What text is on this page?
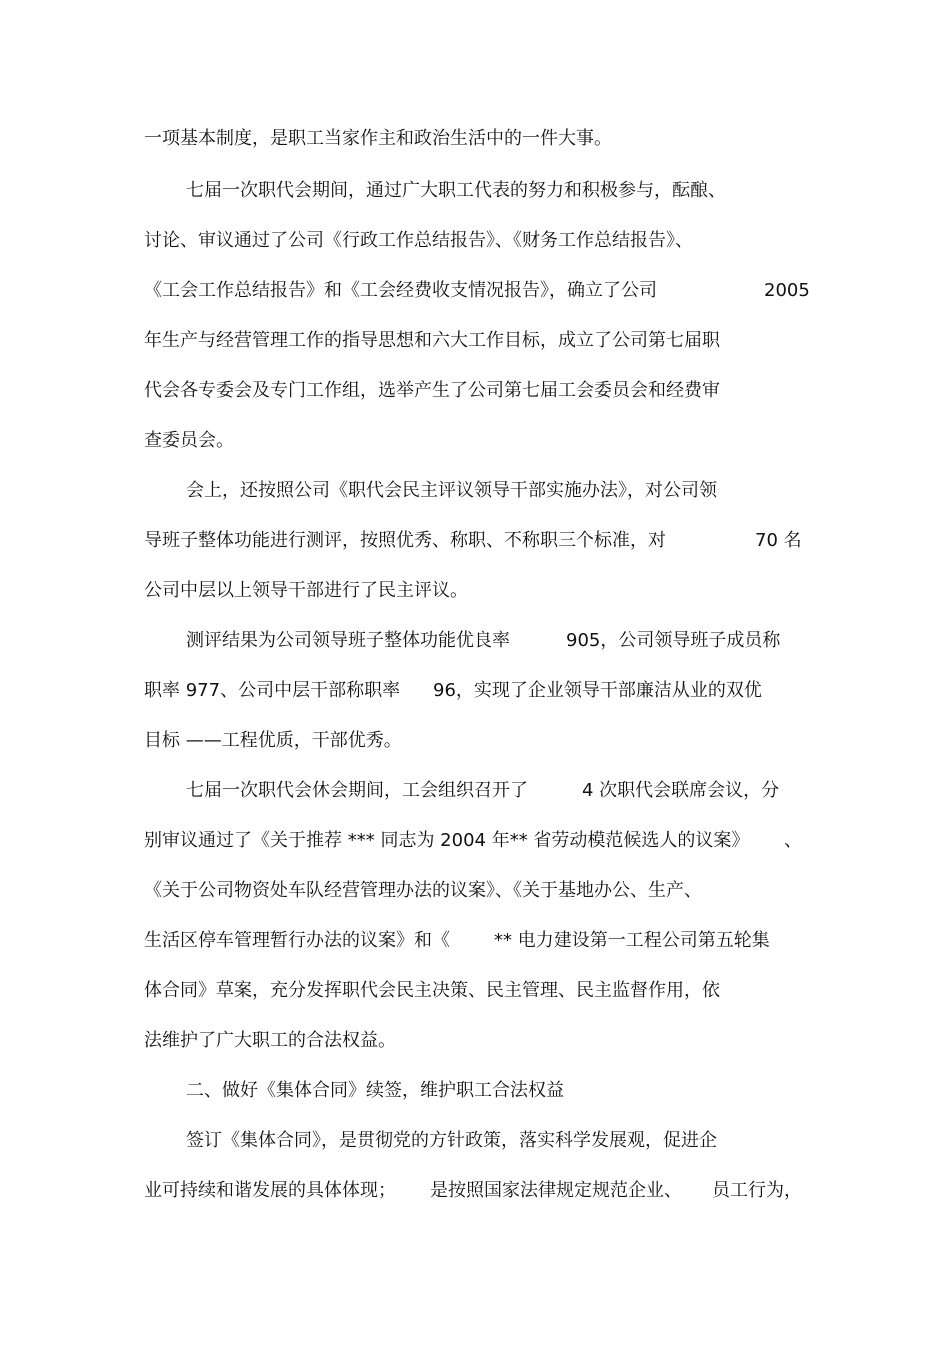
一项基本制度，是职工当家作主和政治生活中的一件大事。
七届一次职代会期间，通过广大职工代表的努力和积极参与，酝酿、
讨论、审议通过了公司《行政工作总结报告》、《财务工作总结报告》、
《工会工作总结报告》和《工会经费收支情况报告》，确立了公司	2005
年生产与经营管理工作的指导思想和六大工作目标，成立了公司第七届职
代会各专委会及专门工作组，选举产生了公司第七届工会委员会和经费审
查委员会。
会上，还按照公司《职代会民主评议领导干部实施办法》，对公司领
导班子整体功能进行测评，按照优秀、称职、不称职三个标准，对	70 名
公司中层以上领导干部进行了民主评议。
测评结果为公司领导班子整体功能优良率	905，公司领导班子成员称
职率 977、公司中层干部称职率 96，实现了企业领导干部廉洁从业的双优
目标 ——工程优质，干部优秀。
七届一次职代会休会期间，工会组织召开了	4 次职代会联席会议，分
别审议通过了《关于推荐 *** 同志为 2004 年** 省劳动模范候选人的议案》 、
《关于公司物资处车队经营管理办法的议案》、《关于基地办公、生产、
生活区停车管理暂行办法的议案》和《 ** 电力建设第一工程公司第五轮集
体合同》草案，充分发挥职代会民主决策、民主管理、民主监督作用，依
法维护了广大职工的合法权益。
二、做好《集体合同》续签，维护职工合法权益
签订《集体合同》，是贯彻党的方针政策，落实科学发展观，促进企
业可持续和谐发展的具体体现； 是按照国家法律规定规范企业、 员工行为，
